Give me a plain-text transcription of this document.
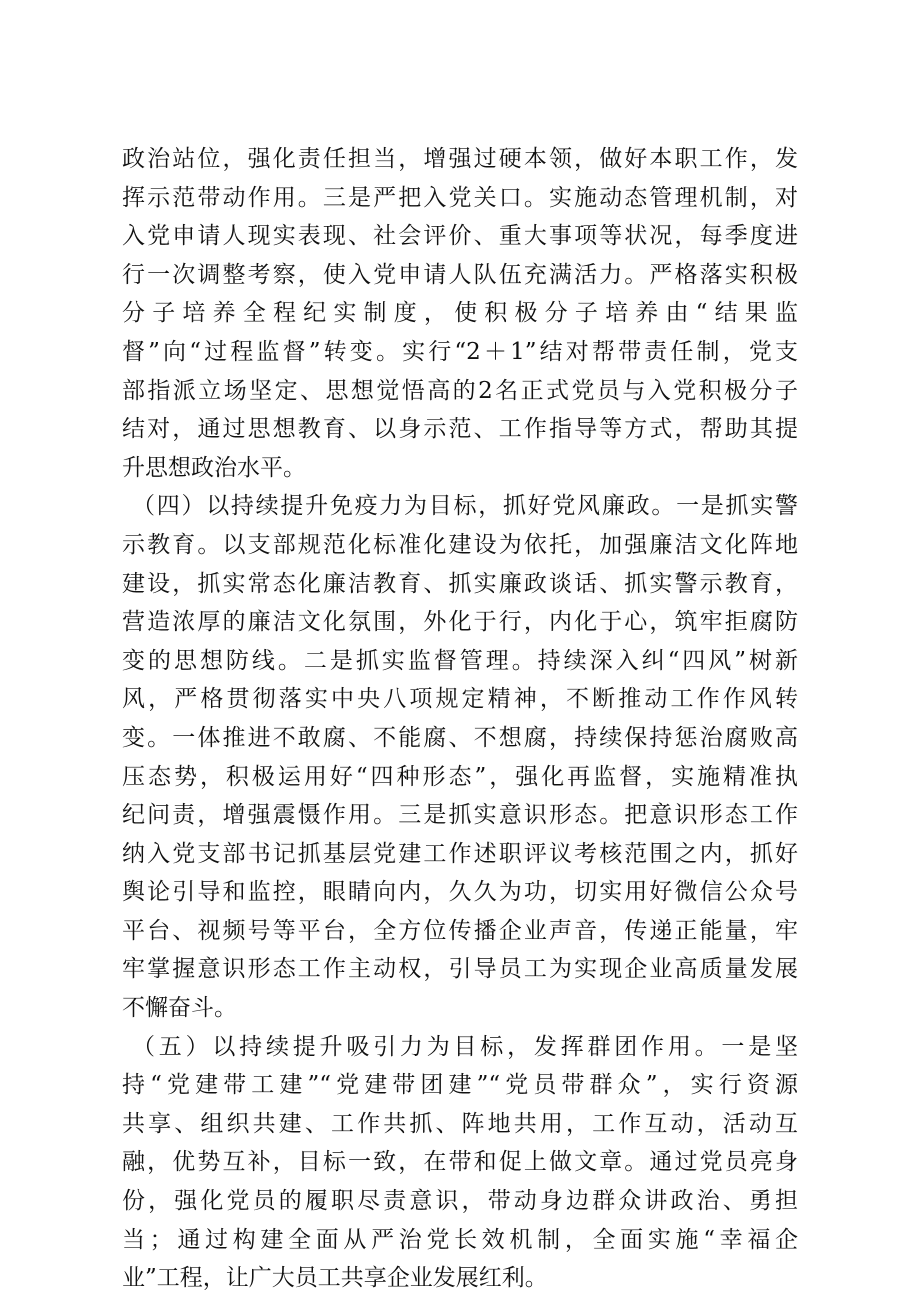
政治站位，强化责任担当，增强过硬本领，做好本职工作，发
挥示范带动作用。三是严把入党关口。实施动态管理机制，对
入党申请人现实表现、社会评价、重大事项等状况，每季度进
行一次调整考察，使入党申请人队伍充满活力。严格落实积极
分子培养全程纪实制度，使积极分子培养由“结果监
督”向“过程监督”转变。实行“2＋1”结对帮带责任制，党支
部指派立场坚定、思想觉悟高的2名正式党员与入党积极分子
结对，通过思想教育、以身示范、工作指导等方式，帮助其提
升思想政治水平。
（四）以持续提升免疫力为目标，抓好党风廉政。一是抓实警
示教育。以支部规范化标准化建设为依托，加强廉洁文化阵地
建设，抓实常态化廉洁教育、抓实廉政谈话、抓实警示教育，
营造浓厚的廉洁文化氛围，外化于行，内化于心，筑牢拒腐防
变的思想防线。二是抓实监督管理。持续深入纠“四风”树新
风，严格贯彻落实中央八项规定精神，不断推动工作作风转
变。一体推进不敢腐、不能腐、不想腐，持续保持惩治腐败高
压态势，积极运用好“四种形态”，强化再监督，实施精准执
纪问责，增强震慑作用。三是抓实意识形态。把意识形态工作
纳入党支部书记抓基层党建工作述职评议考核范围之内，抓好
舆论引导和监控，眼睛向内，久久为功，切实用好微信公众号
平台、视频号等平台，全方位传播企业声音，传递正能量，牢
牢掌握意识形态工作主动权，引导员工为实现企业高质量发展
不懈奋斗。
（五）以持续提升吸引力为目标，发挥群团作用。一是坚
持“党建带工建”“党建带团建”“党员带群众”，实行资源
共享、组织共建、工作共抓、阵地共用，工作互动，活动互
融，优势互补，目标一致，在带和促上做文章。通过党员亮身
份，强化党员的履职尽责意识，带动身边群众讲政治、勇担
当；通过构建全面从严治党长效机制，全面实施“幸福企
业”工程，让广大员工共享企业发展红利。
